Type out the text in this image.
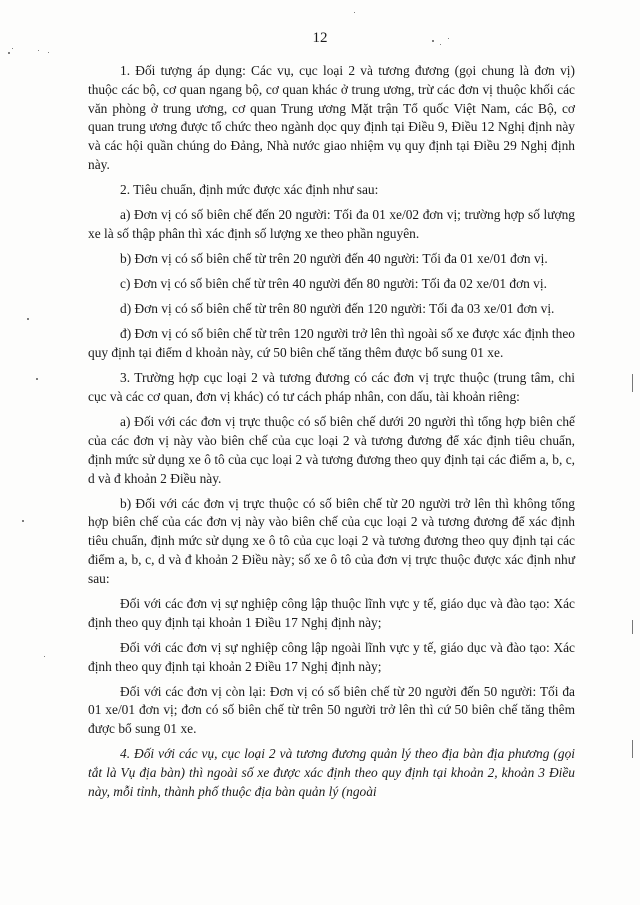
12

1. Đối tượng áp dụng: Các vụ, cục loại 2 và tương đương (gọi chung là đơn vị) thuộc các bộ, cơ quan ngang bộ, cơ quan khác ở trung ương, trừ các đơn vị thuộc khối các văn phòng ở trung ương, cơ quan Trung ương Mặt trận Tổ quốc Việt Nam, các Bộ, cơ quan trung ương được tổ chức theo ngành dọc quy định tại Điều 9, Điều 12 Nghị định này và các hội quần chúng do Đảng, Nhà nước giao nhiệm vụ quy định tại Điều 29 Nghị định này.

2. Tiêu chuẩn, định mức được xác định như sau:

a) Đơn vị có số biên chế đến 20 người: Tối đa 01 xe/02 đơn vị; trường hợp số lượng xe là số thập phân thì xác định số lượng xe theo phần nguyên.

b) Đơn vị có số biên chế từ trên 20 người đến 40 người: Tối đa 01 xe/01 đơn vị.

c) Đơn vị có số biên chế từ trên 40 người đến 80 người: Tối đa 02 xe/01 đơn vị.

d) Đơn vị có số biên chế từ trên 80 người đến 120 người: Tối đa 03 xe/01 đơn vị.

đ) Đơn vị có số biên chế từ trên 120 người trở lên thì ngoài số xe được xác định theo quy định tại điểm d khoản này, cứ 50 biên chế tăng thêm được bổ sung 01 xe.

3. Trường hợp cục loại 2 và tương đương có các đơn vị trực thuộc (trung tâm, chi cục và các cơ quan, đơn vị khác) có tư cách pháp nhân, con dấu, tài khoản riêng:

a) Đối với các đơn vị trực thuộc có số biên chế dưới 20 người thì tổng hợp biên chế của các đơn vị này vào biên chế của cục loại 2 và tương đương để xác định tiêu chuẩn, định mức sử dụng xe ô tô của cục loại 2 và tương đương theo quy định tại các điểm a, b, c, d và đ khoản 2 Điều này.

b) Đối với các đơn vị trực thuộc có số biên chế từ 20 người trở lên thì không tổng hợp biên chế của các đơn vị này vào biên chế của cục loại 2 và tương đương để xác định tiêu chuẩn, định mức sử dụng xe ô tô của cục loại 2 và tương đương theo quy định tại các điểm a, b, c, d và đ khoản 2 Điều này; số xe ô tô của đơn vị trực thuộc được xác định như sau:

Đối với các đơn vị sự nghiệp công lập thuộc lĩnh vực y tế, giáo dục và đào tạo: Xác định theo quy định tại khoản 1 Điều 17 Nghị định này;

Đối với các đơn vị sự nghiệp công lập ngoài lĩnh vực y tế, giáo dục và đào tạo: Xác định theo quy định tại khoản 2 Điều 17 Nghị định này;

Đối với các đơn vị còn lại: Đơn vị có số biên chế từ 20 người đến 50 người: Tối đa 01 xe/01 đơn vị; đơn có số biên chế từ trên 50 người trở lên thì cứ 50 biên chế tăng thêm được bổ sung 01 xe.

4. Đối với các vụ, cục loại 2 và tương đương quản lý theo địa bàn địa phương (gọi tắt là Vụ địa bàn) thì ngoài số xe được xác định theo quy định tại khoản 2, khoản 3 Điều này, mỗi tỉnh, thành phố thuộc địa bàn quản lý (ngoài
